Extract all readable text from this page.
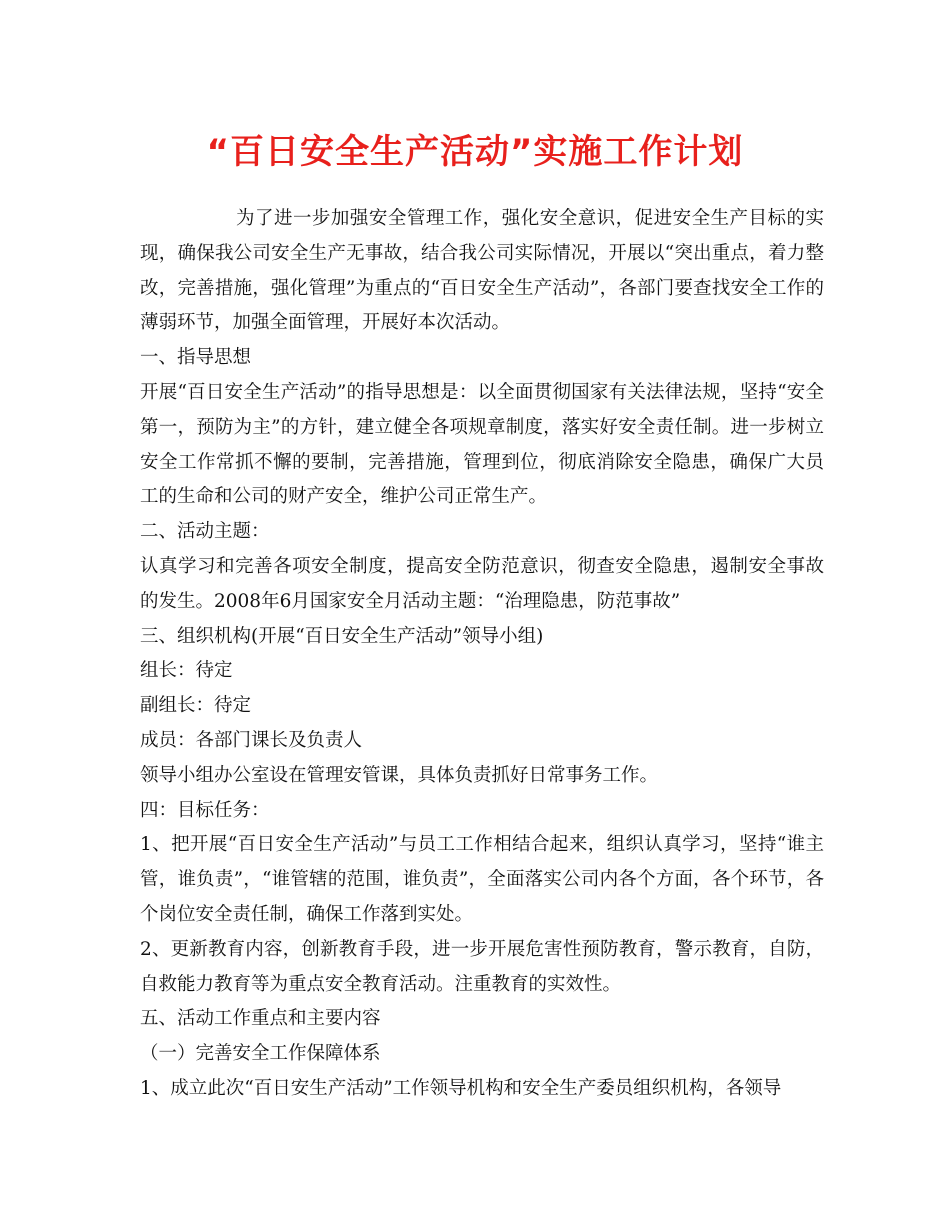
“百日安全生产活动”实施工作计划

为了进一步加强安全管理工作，强化安全意识，促进安全生产目标的实现，确保我公司安全生产无事故，结合我公司实际情况，开展以“突出重点，着力整改，完善措施，强化管理”为重点的“百日安全生产活动”，各部门要查找安全工作的薄弱环节，加强全面管理，开展好本次活动。

一、指导思想

开展“百日安全生产活动”的指导思想是：以全面贯彻国家有关法律法规，坚持“安全第一，预防为主”的方针，建立健全各项规章制度，落实好安全责任制。进一步树立安全工作常抓不懈的要制，完善措施，管理到位，彻底消除安全隐患，确保广大员工的生命和公司的财产安全，维护公司正常生产。

二、活动主题：

认真学习和完善各项安全制度，提高安全防范意识，彻查安全隐患，遏制安全事故的发生。2008年6月国家安全月活动主题：“治理隐患，防范事故”

三、组织机构(开展“百日安全生产活动”领导小组)

组长：待定

副组长：待定

成员：各部门课长及负责人

领导小组办公室设在管理安管课，具体负责抓好日常事务工作。

四：目标任务：

1、把开展“百日安全生产活动”与员工工作相结合起来，组织认真学习，坚持“谁主管，谁负责”，“谁管辖的范围，谁负责”，全面落实公司内各个方面，各个环节，各个岗位安全责任制，确保工作落到实处。

2、更新教育内容，创新教育手段，进一步开展危害性预防教育，警示教育，自防，自救能力教育等为重点安全教育活动。注重教育的实效性。

五、活动工作重点和主要内容

（一）完善安全工作保障体系

1、成立此次“百日安生产活动”工作领导机构和安全生产委员组织机构，各领导
